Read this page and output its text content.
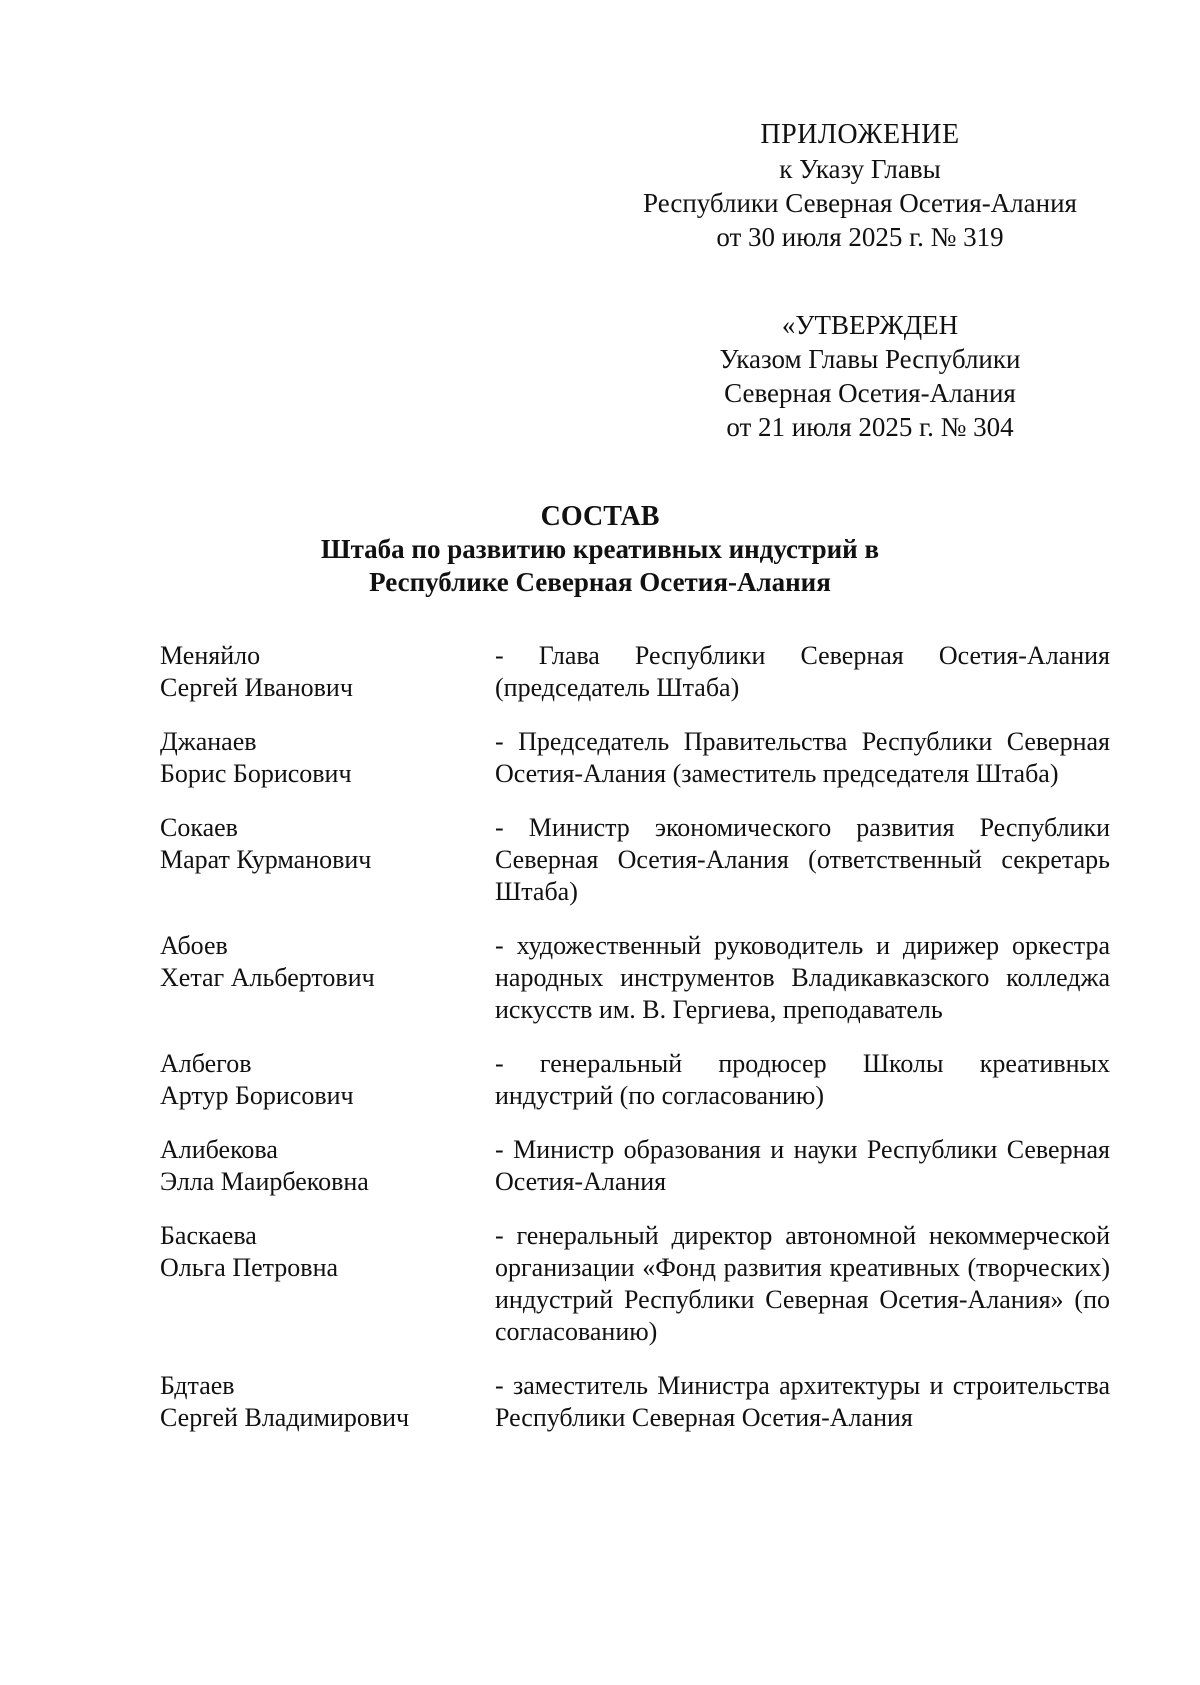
ПРИЛОЖЕНИЕ
к Указу Главы
Республики Северная Осетия-Алания
от 30 июля 2025 г. № 319
«УТВЕРЖДЕН
Указом Главы Республики
Северная Осетия-Алания
от 21 июля 2025 г. № 304
СОСТАВ
Штаба по развитию креативных индустрий в
Республике Северная Осетия-Алания
Меняйло
Сергей Иванович
- Глава Республики Северная Осетия-Алания (председатель Штаба)
Джанаев
Борис Борисович
- Председатель Правительства Республики Северная Осетия-Алания (заместитель председателя Штаба)
Сокаев
Марат Курманович
- Министр экономического развития Республики Северная Осетия-Алания (ответственный секретарь Штаба)
Абоев
Хетаг Альбертович
- художественный руководитель и дирижер оркестра народных инструментов Владикавказского колледжа искусств им. В. Гергиева, преподаватель
Албегов
Артур Борисович
- генеральный продюсер Школы креативных индустрий (по согласованию)
Алибекова
Элла Маирбековна
- Министр образования и науки Республики Северная Осетия-Алания
Баскаева
Ольга Петровна
- генеральный директор автономной некоммерческой организации «Фонд развития креативных (творческих) индустрий Республики Северная Осетия-Алания» (по согласованию)
Бдтаев
Сергей Владимирович
- заместитель Министра архитектуры и строительства Республики Северная Осетия-Алания
